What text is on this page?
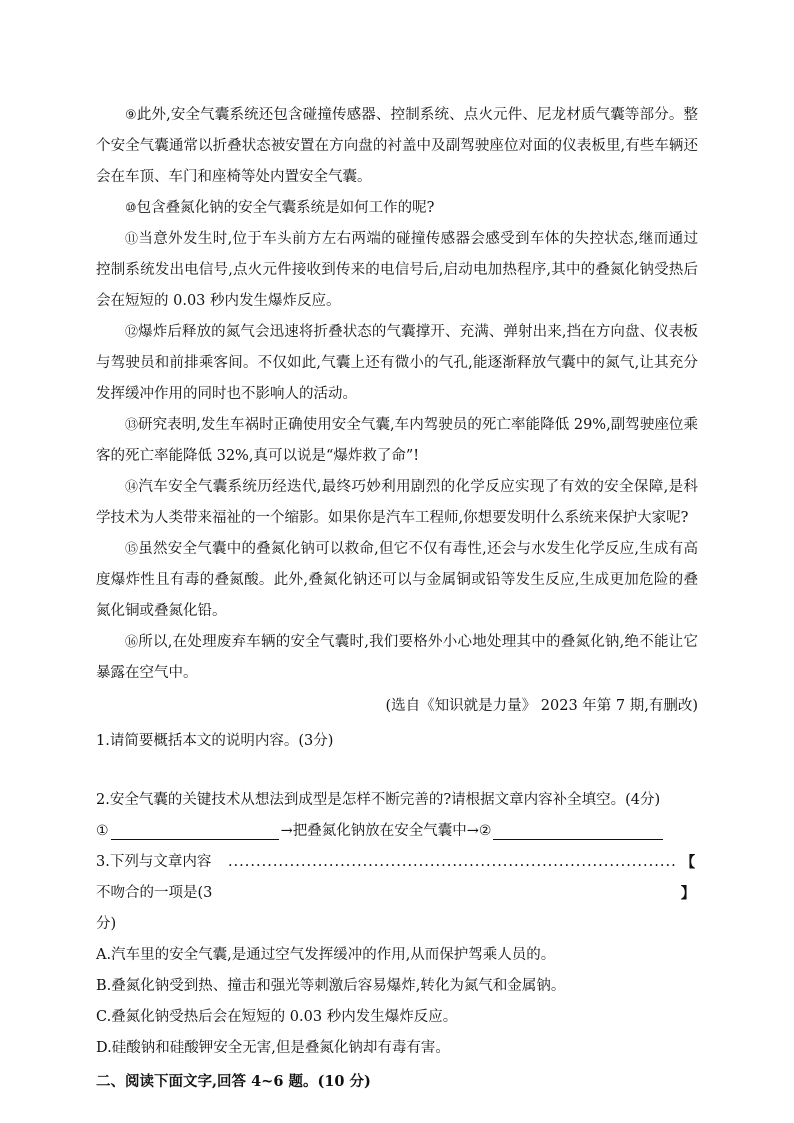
⑨此外,安全气囊系统还包含碰撞传感器、控制系统、点火元件、尼龙材质气囊等部分。整个安全气囊通常以折叠状态被安置在方向盘的衬盖中及副驾驶座位对面的仪表板里,有些车辆还会在车顶、车门和座椅等处内置安全气囊。

⑩包含叠氮化钠的安全气囊系统是如何工作的呢?

⑪当意外发生时,位于车头前方左右两端的碰撞传感器会感受到车体的失控状态,继而通过控制系统发出电信号,点火元件接收到传来的电信号后,启动电加热程序,其中的叠氮化钠受热后会在短短的 0.03 秒内发生爆炸反应。

⑫爆炸后释放的氮气会迅速将折叠状态的气囊撑开、充满、弹射出来,挡在方向盘、仪表板与驾驶员和前排乘客间。不仅如此,气囊上还有微小的气孔,能逐渐释放气囊中的氮气,让其充分发挥缓冲作用的同时也不影响人的活动。

⑬研究表明,发生车祸时正确使用安全气囊,车内驾驶员的死亡率能降低 29%,副驾驶座位乘客的死亡率能降低 32%,真可以说是“爆炸救了命”!

⑭汽车安全气囊系统历经迭代,最终巧妙利用剧烈的化学反应实现了有效的安全保障,是科学技术为人类带来福祉的一个缩影。如果你是汽车工程师,你想要发明什么系统来保护大家呢?

⑮虽然安全气囊中的叠氮化钠可以救命,但它不仅有毒性,还会与水发生化学反应,生成有高度爆炸性且有毒的叠氮酸。此外,叠氮化钠还可以与金属铜或铅等发生反应,生成更加危险的叠氮化铜或叠氮化铅。

⑯所以,在处理废弃车辆的安全气囊时,我们要格外小心地处理其中的叠氮化钠,绝不能让它暴露在空气中。

(选自《知识就是力量》 2023 年第 7 期,有删改)

1.请简要概括本文的说明内容。(3分)

2.安全气囊的关键技术从想法到成型是怎样不断完善的?请根据文章内容补全填空。(4分)

①	→把叠氮化钠放在安全气囊中→ ②
3.下列与文章内容不吻合的一项是(3分)
................................................................................ 【 】

A.汽车里的安全气囊,是通过空气发挥缓冲的作用,从而保护驾乘人员的。

B.叠氮化钠受到热、撞击和强光等刺激后容易爆炸,转化为氮气和金属钠。

C.叠氮化钠受热后会在短短的 0.03 秒内发生爆炸反应。

D.硅酸钠和硅酸钾安全无害,但是叠氮化钠却有毒有害。

二、阅读下面文字,回答 4~6 题。(10 分)
